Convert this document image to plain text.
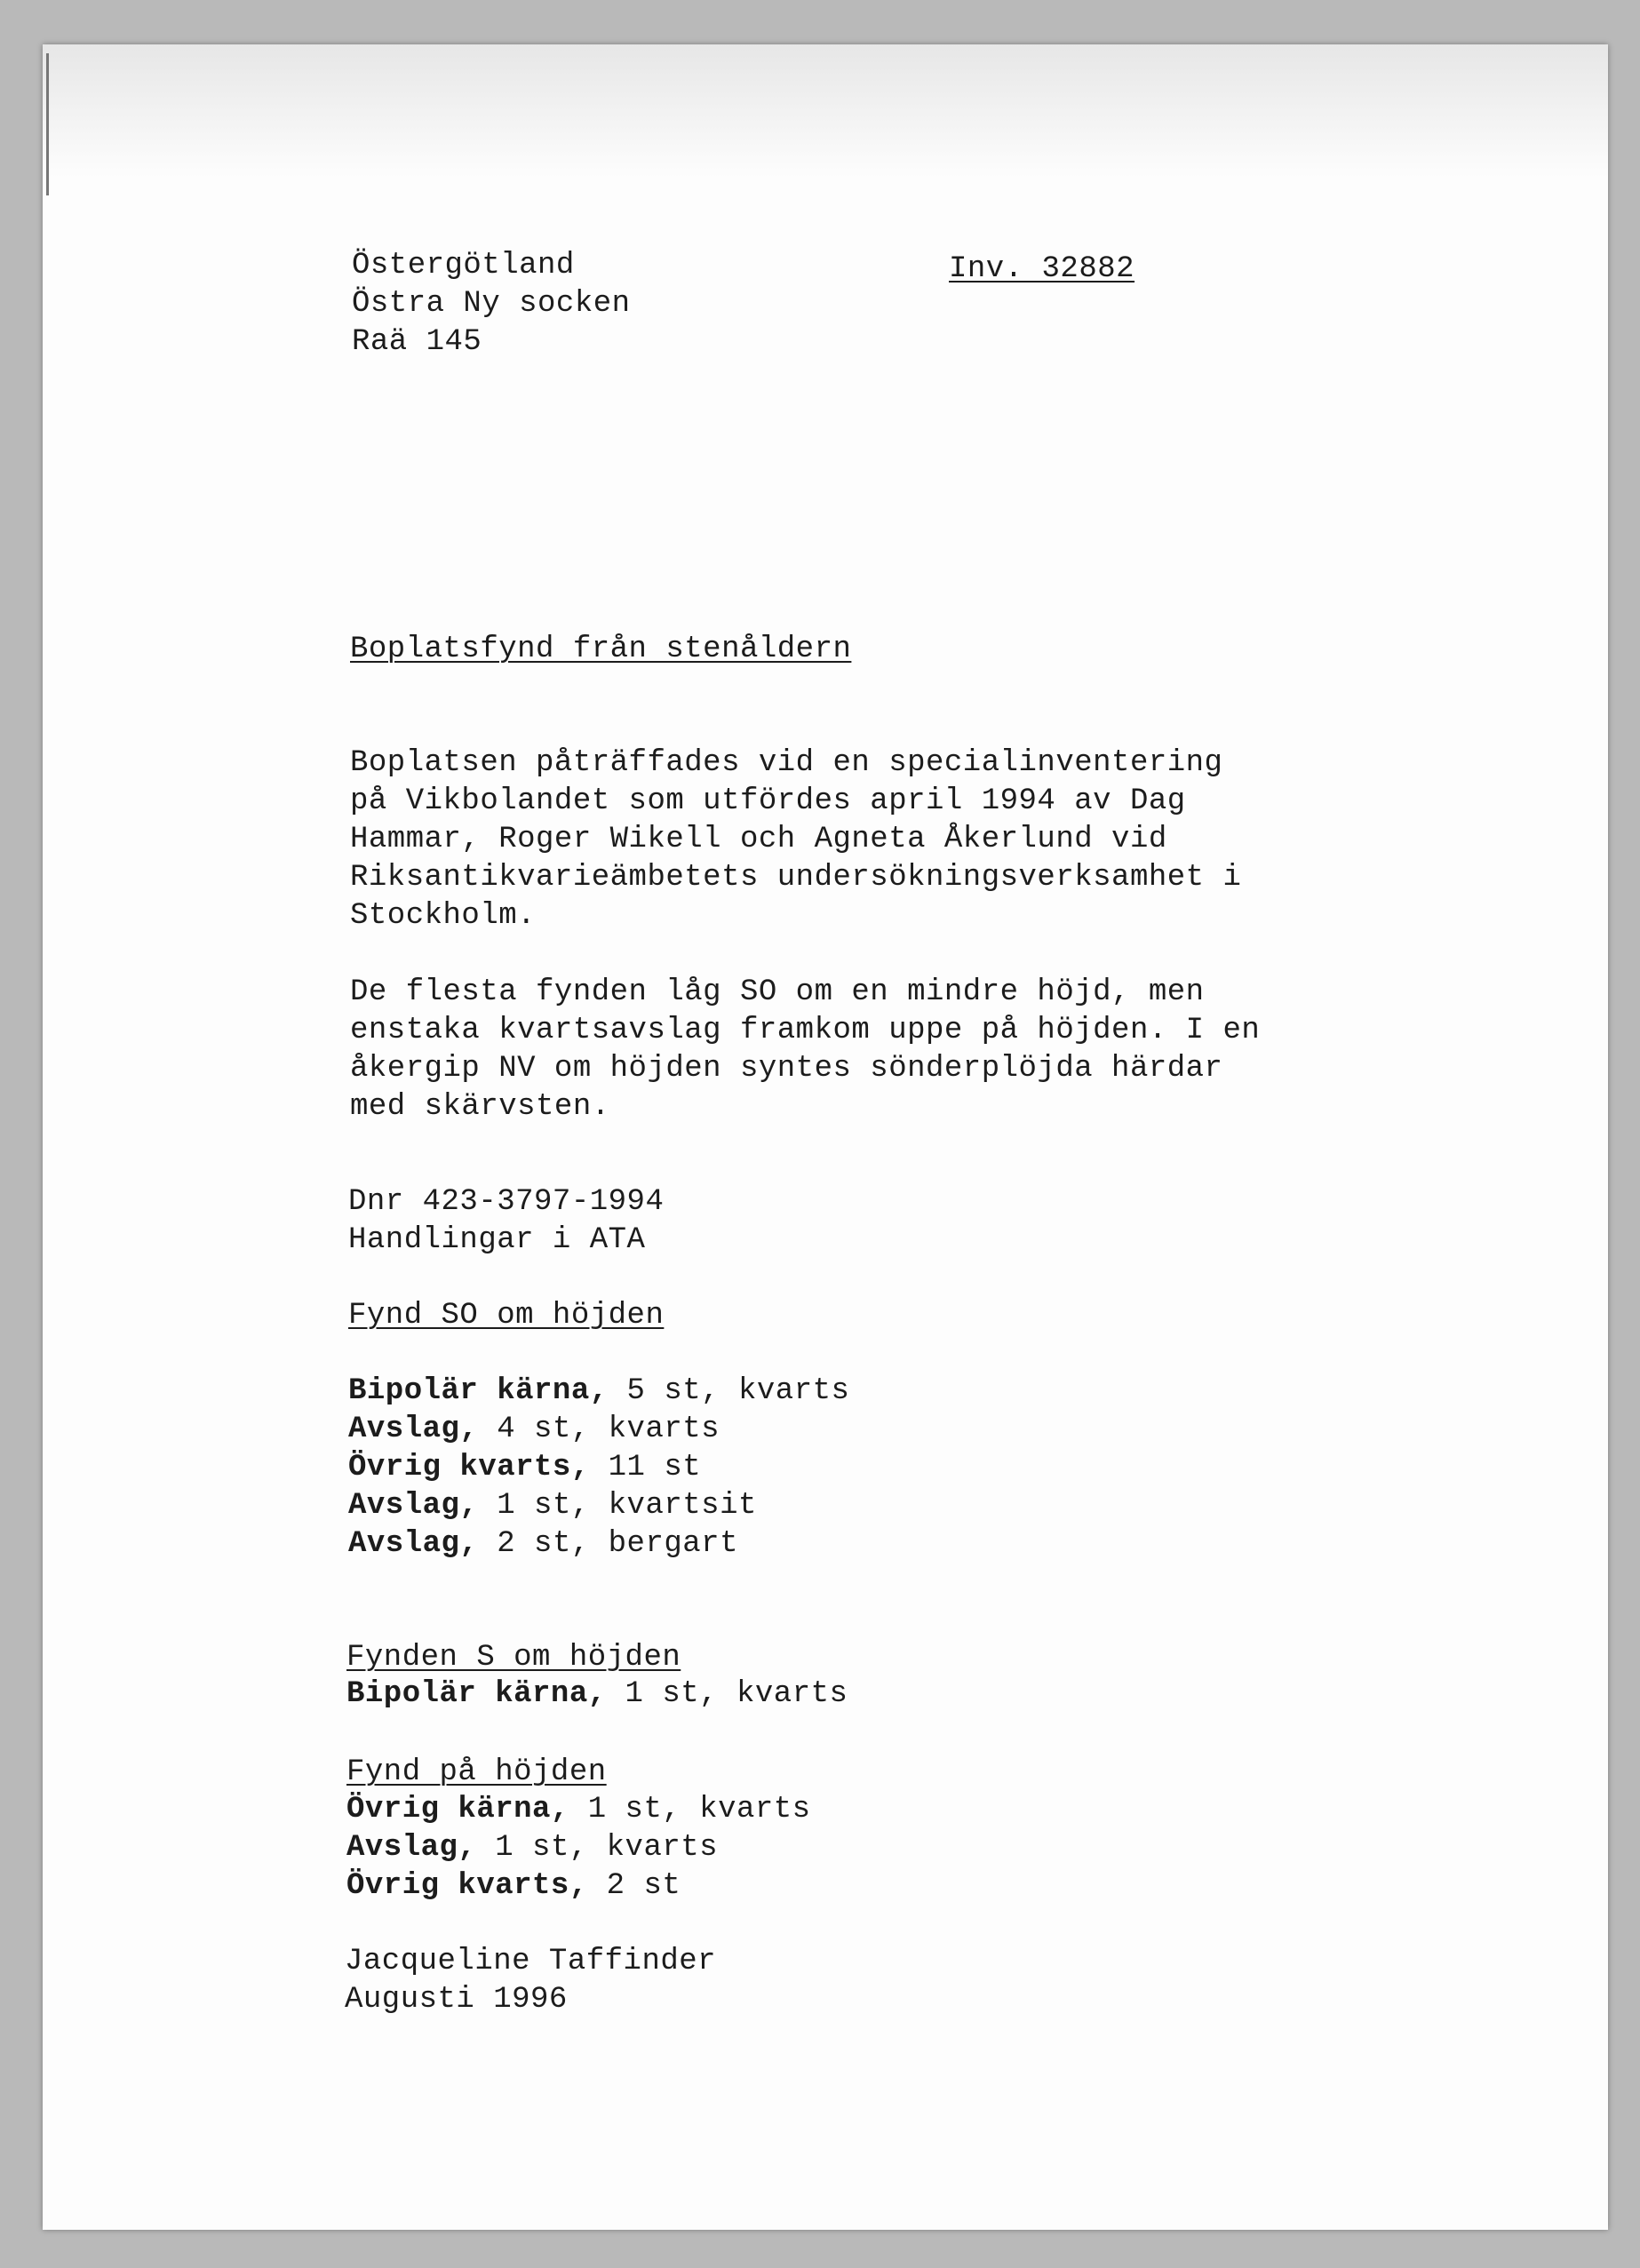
Östergötland
Östra Ny socken
Raä 145
Inv. 32882
Boplatsfynd från stenåldern
Boplatsen påträffades vid en specialinventering
på Vikbolandet som utfördes april 1994 av Dag
Hammar, Roger Wikell och Agneta Åkerlund vid
Riksantikvarieämbetets undersökningsverksamhet i
Stockholm.
De flesta fynden låg SO om en mindre höjd, men
enstaka kvartsavslag framkom uppe på höjden. I en
åkergip NV om höjden syntes sönderplöjda härdar
med skärvsten.
Dnr 423-3797-1994
Handlingar i ATA
Fynd SO om höjden
Bipolär kärna, 5 st, kvarts
Avslag, 4 st, kvarts
Övrig kvarts, 11 st
Avslag, 1 st, kvartsit
Avslag, 2 st, bergart
Fynden S om höjden
Bipolär kärna, 1 st, kvarts
Fynd på höjden
Övrig kärna, 1 st, kvarts
Avslag, 1 st, kvarts
Övrig kvarts, 2 st
Jacqueline Taffinder
Augusti 1996
